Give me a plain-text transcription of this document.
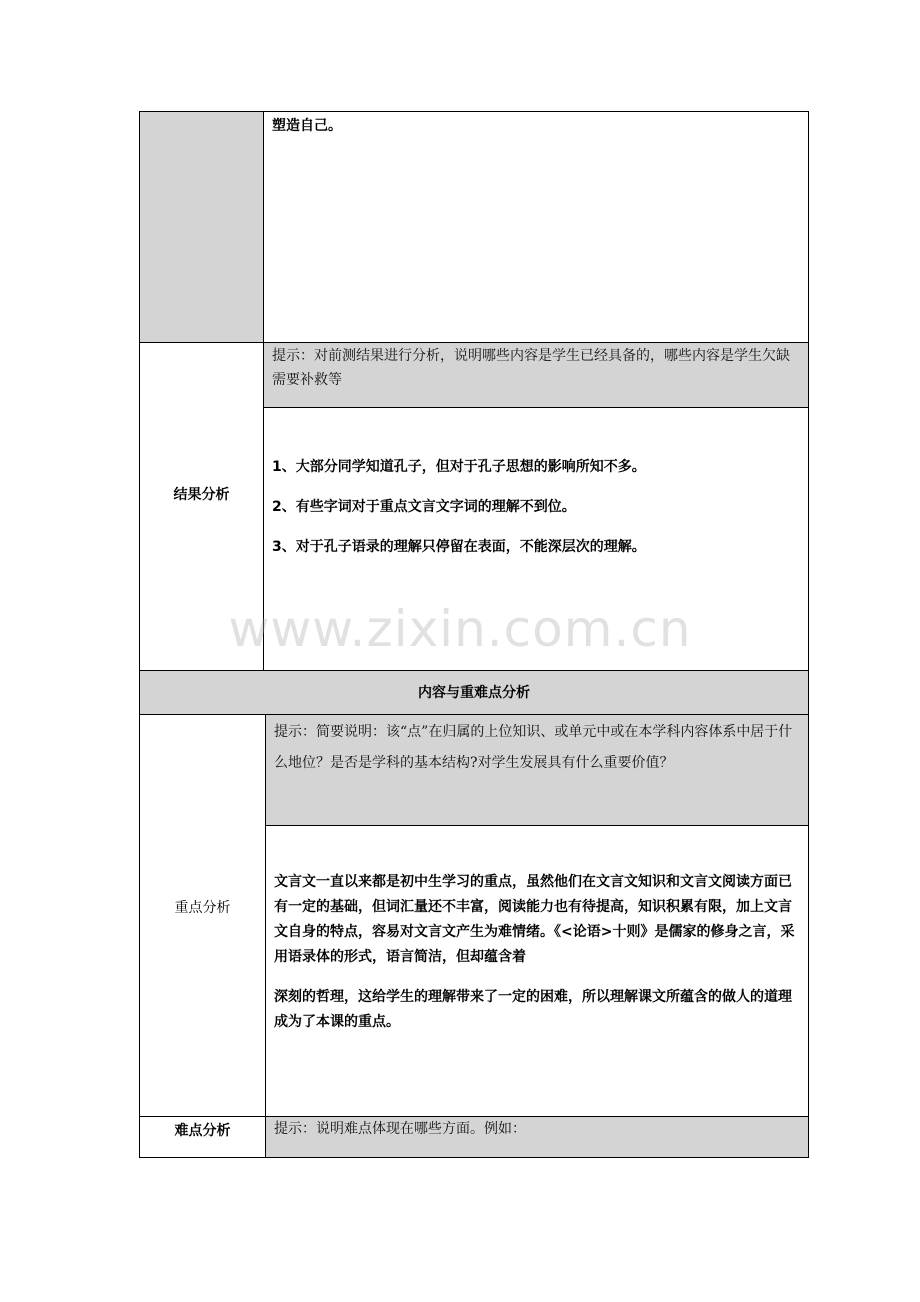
塑造自己。
结果分析
提示：对前测结果进行分析，说明哪些内容是学生已经具备的，哪些内容是学生欠缺需要补救等
1、大部分同学知道孔子，但对于孔子思想的影响所知不多。
2、有些字词对于重点文言文字词的理解不到位。
3、对于孔子语录的理解只停留在表面，不能深层次的理解。
内容与重难点分析
重点分析
提示：简要说明：该“点”在归属的上位知识、或单元中或在本学科内容体系中居于什么地位？是否是学科的基本结构?对学生发展具有什么重要价值？
文言文一直以来都是初中生学习的重点，虽然他们在文言文知识和文言文阅读方面已有一定的基础，但词汇量还不丰富，阅读能力也有待提高，知识积累有限，加上文言文自身的特点，容易对文言文产生为难情绪。《<论语>十则》是儒家的修身之言，采用语录体的形式，语言简洁，但却蕴含着
深刻的哲理，这给学生的理解带来了一定的困难，所以理解课文所蕴含的做人的道理成为了本课的重点。
难点分析	提示：说明难点体现在哪些方面。例如：
www.zixin.com.cn
